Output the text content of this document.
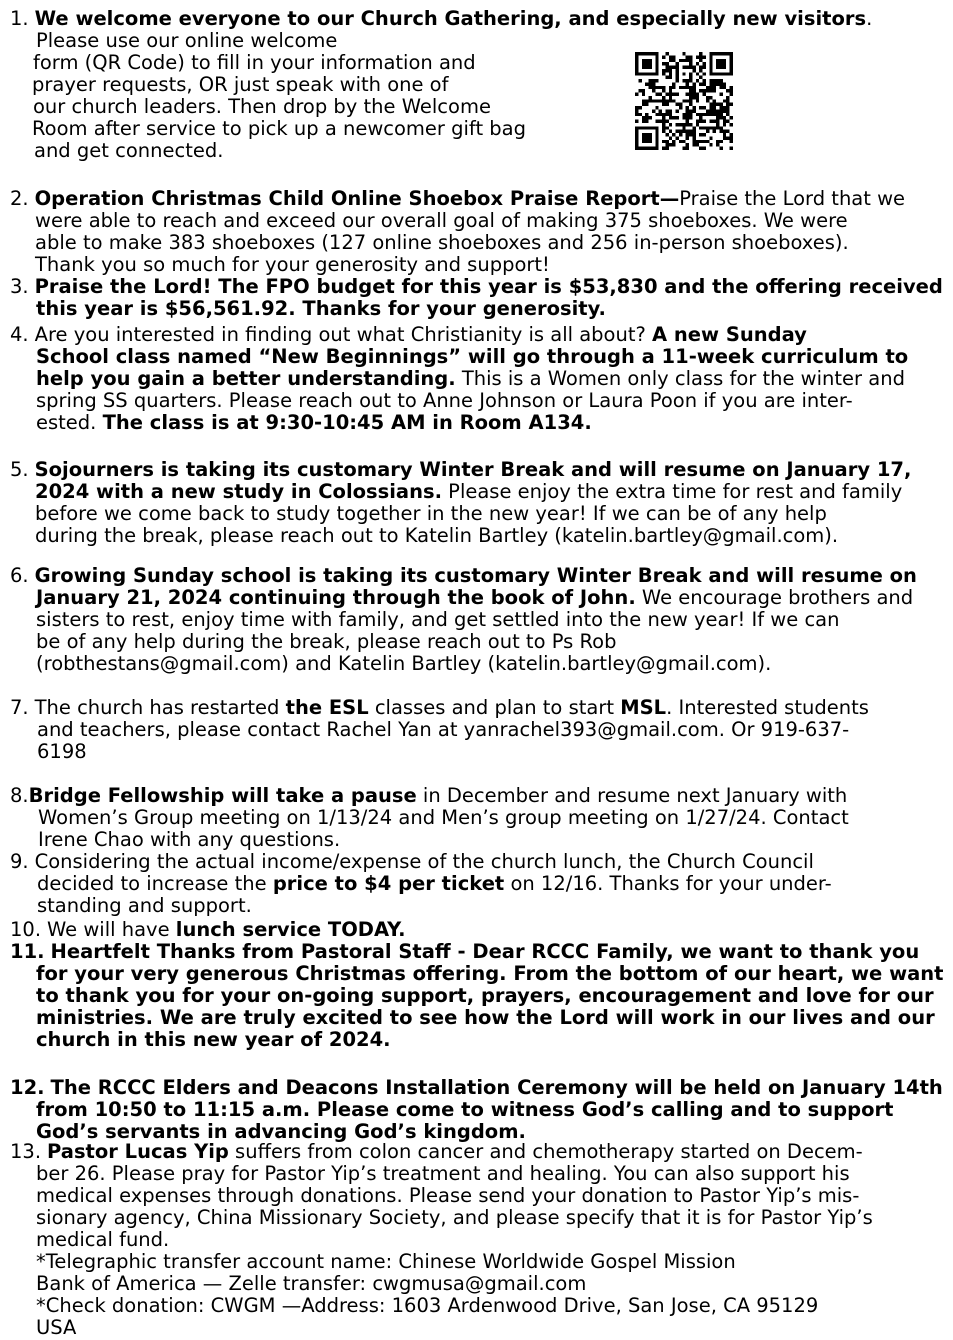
1. We welcome everyone to our Church Gathering, and especially new visitors.
Please use our online welcome
form (QR Code) to fill in your information and
prayer requests, OR just speak with one of
our church leaders. Then drop by the Welcome
Room after service to pick up a newcomer gift bag
and get connected.
2. Operation Christmas Child Online Shoebox Praise Report—Praise the Lord that we
were able to reach and exceed our overall goal of making 375 shoeboxes. We were
able to make 383 shoeboxes (127 online shoeboxes and 256 in-person shoeboxes).
Thank you so much for your generosity and support!
3. Praise the Lord! The FPO budget for this year is $53,830 and the offering received
this year is $56,561.92. Thanks for your generosity.
4. Are you interested in finding out what Christianity is all about? A new Sunday
School class named “New Beginnings” will go through a 11-week curriculum to
help you gain a better understanding. This is a Women only class for the winter and
spring SS quarters. Please reach out to Anne Johnson or Laura Poon if you are inter-
ested. The class is at 9:30-10:45 AM in Room A134.
5. Sojourners is taking its customary Winter Break and will resume on January 17,
2024 with a new study in Colossians. Please enjoy the extra time for rest and family
before we come back to study together in the new year! If we can be of any help
during the break, please reach out to Katelin Bartley (katelin.bartley@gmail.com).
6. Growing Sunday school is taking its customary Winter Break and will resume on
January 21, 2024 continuing through the book of John. We encourage brothers and
sisters to rest, enjoy time with family, and get settled into the new year! If we can
be of any help during the break, please reach out to Ps Rob
(robthestans@gmail.com) and Katelin Bartley (katelin.bartley@gmail.com).
7. The church has restarted the ESL classes and plan to start MSL. Interested students
and teachers, please contact Rachel Yan at yanrachel393@gmail.com. Or 919-637-
6198
8.Bridge Fellowship will take a pause in December and resume next January with
Women’s Group meeting on 1/13/24 and Men’s group meeting on 1/27/24. Contact
Irene Chao with any questions.
9. Considering the actual income/expense of the church lunch, the Church Council
decided to increase the price to $4 per ticket on 12/16. Thanks for your under-
standing and support.
10. We will have lunch service TODAY.
11. Heartfelt Thanks from Pastoral Staff - Dear RCCC Family, we want to thank you
for your very generous Christmas offering. From the bottom of our heart, we want
to thank you for your on-going support, prayers, encouragement and love for our
ministries. We are truly excited to see how the Lord will work in our lives and our
church in this new year of 2024.
12. The RCCC Elders and Deacons Installation Ceremony will be held on January 14th
from 10:50 to 11:15 a.m. Please come to witness God’s calling and to support
God’s servants in advancing God’s kingdom.
13. Pastor Lucas Yip suffers from colon cancer and chemotherapy started on Decem-
ber 26. Please pray for Pastor Yip’s treatment and healing. You can also support his
medical expenses through donations. Please send your donation to Pastor Yip’s mis-
sionary agency, China Missionary Society, and please specify that it is for Pastor Yip’s
medical fund.
*Telegraphic transfer account name: Chinese Worldwide Gospel Mission
Bank of America — Zelle transfer: cwgmusa@gmail.com
*Check donation: CWGM —Address: 1603 Ardenwood Drive, San Jose, CA 95129
USA
